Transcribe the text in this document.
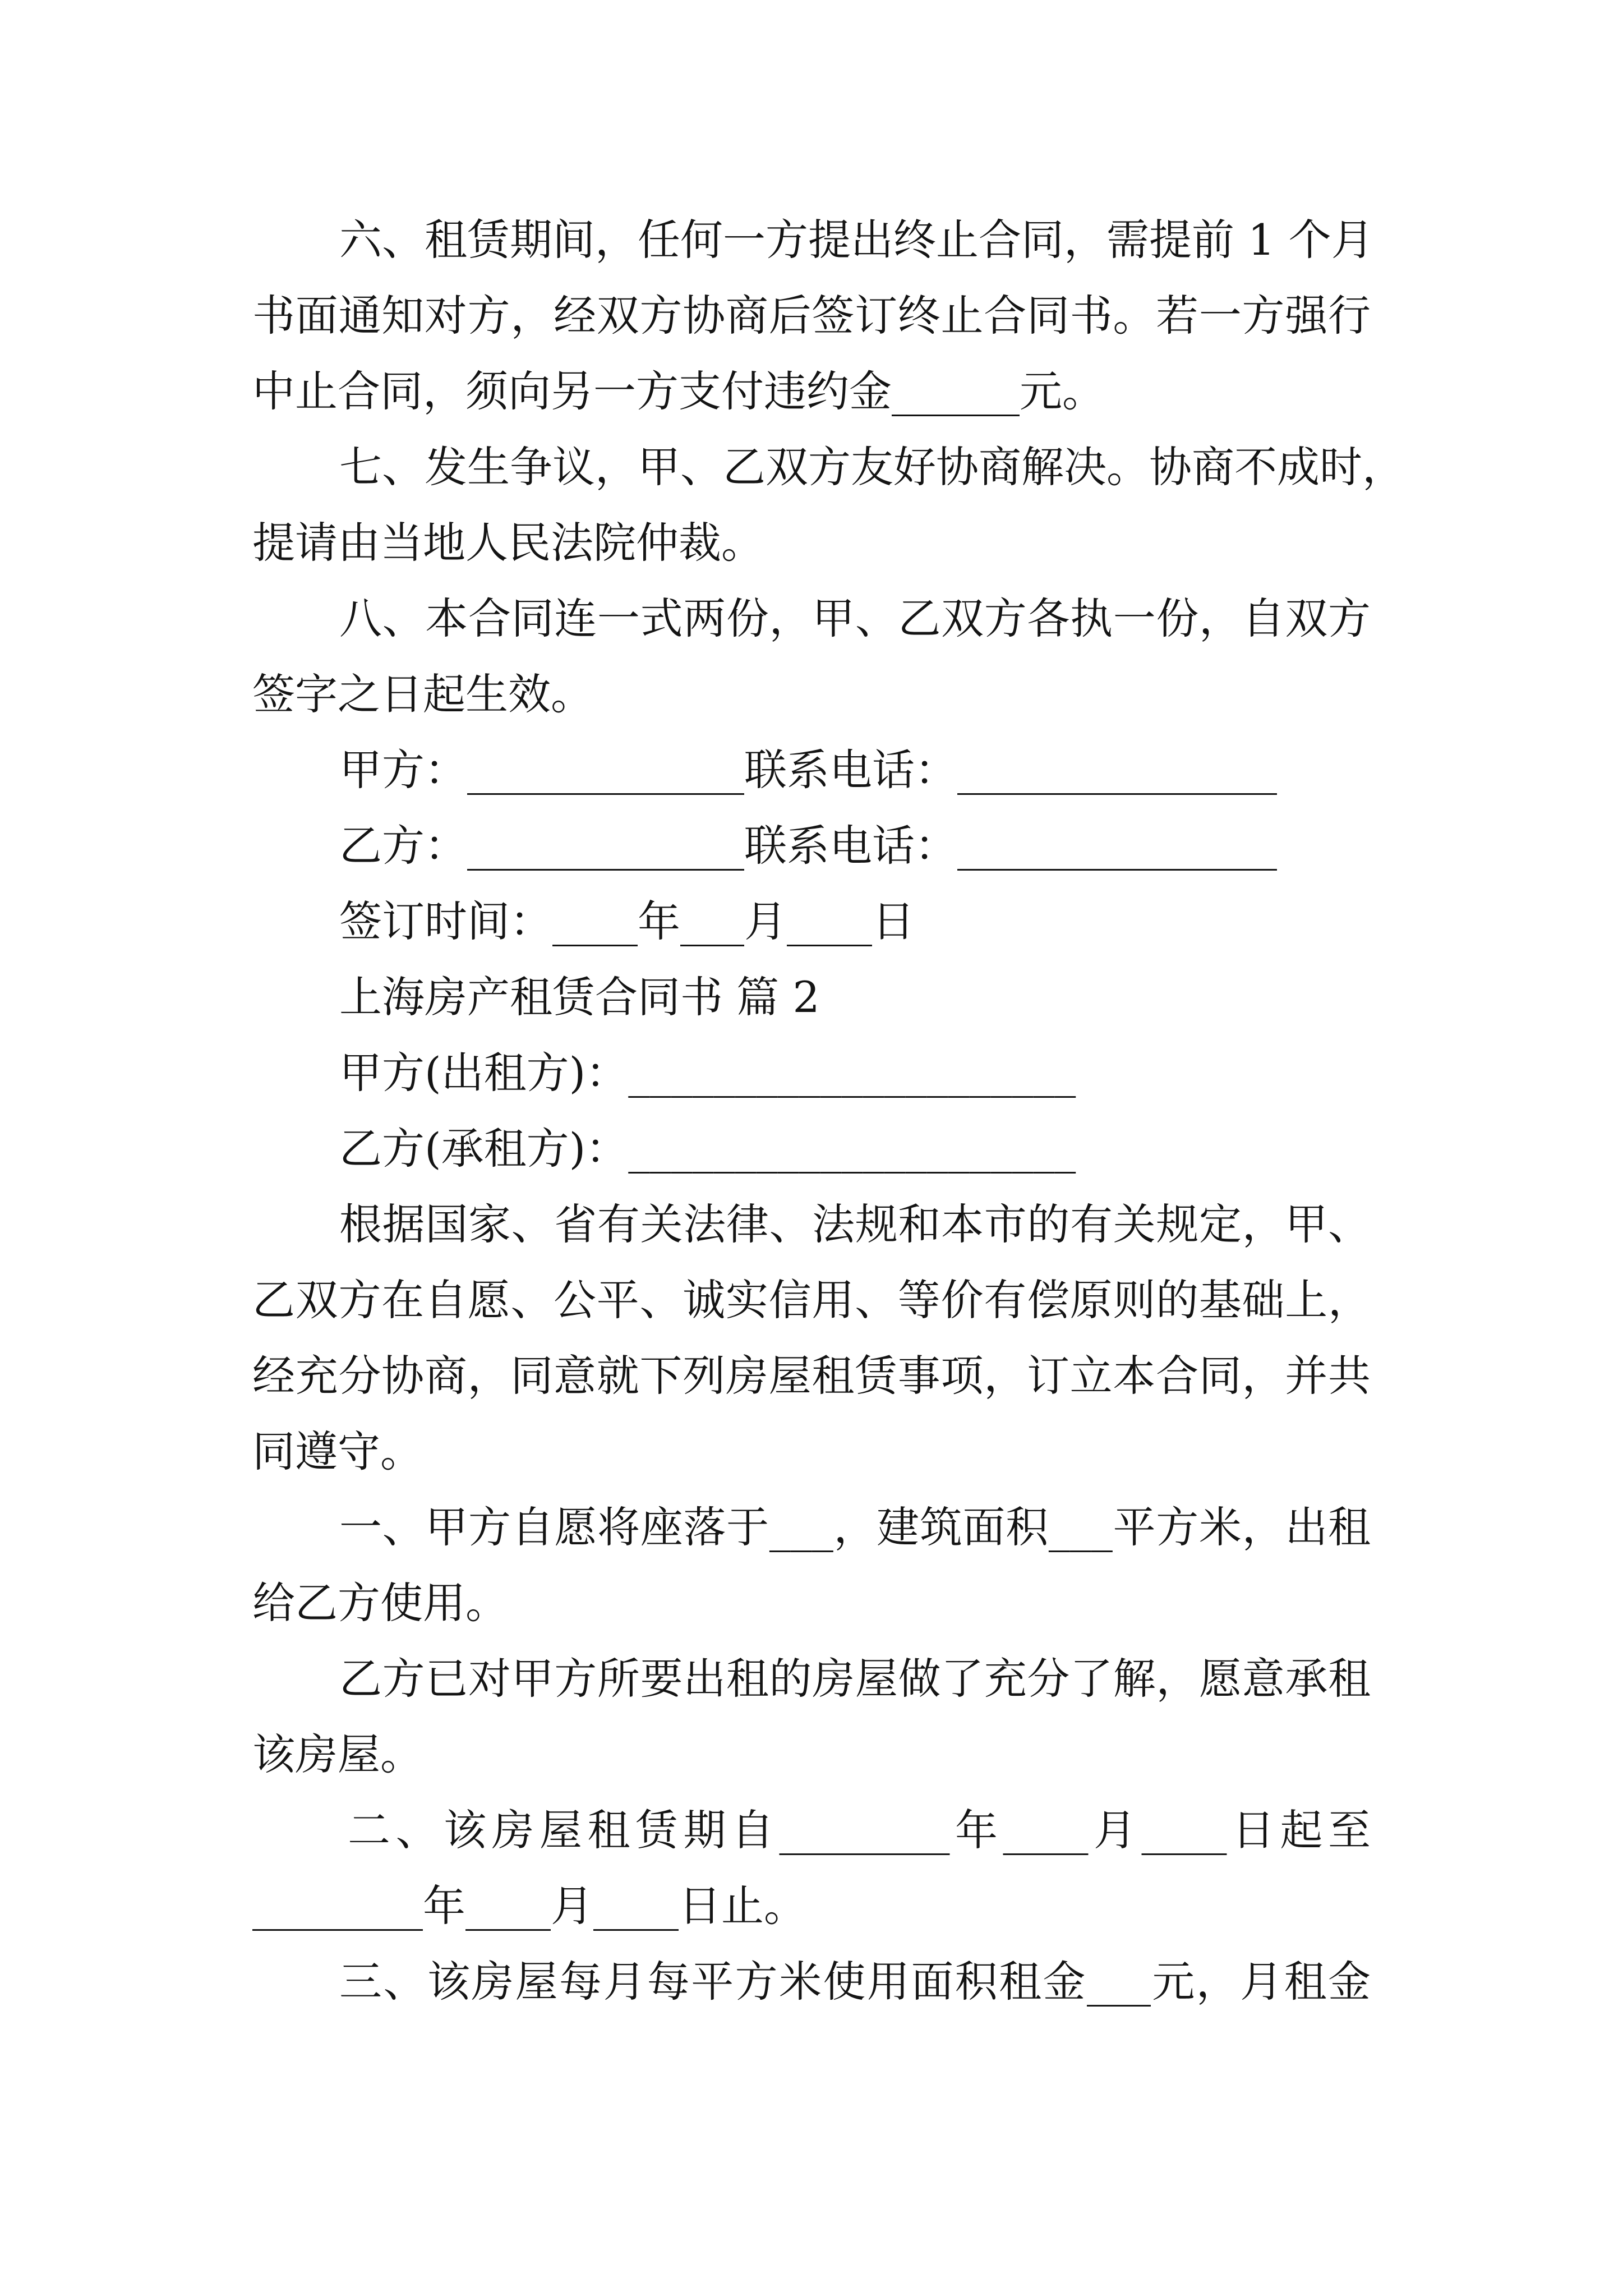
六、租赁期间，任何一方提出终止合同，需提前 1 个月
书面通知对方，经双方协商后签订终止合同书。若一方强行
中止合同，须向另一方支付违约金______元。
七、发生争议，甲、乙双方友好协商解决。协商不成时，
提请由当地人民法院仲裁。
八、本合同连一式两份，甲、乙双方各执一份，自双方
签字之日起生效。
甲方：_____________联系电话：_______________
乙方：_____________联系电话：_______________
签订时间：____年___月____日
上海房产租赁合同书 篇 2
甲方(出租方)：_____________________
乙方(承租方)：_____________________
根据国家、省有关法律、法规和本市的有关规定，甲、
乙双方在自愿、公平、诚实信用、等价有偿原则的基础上，
经充分协商，同意就下列房屋租赁事项，订立本合同，并共
同遵守。
一、甲方自愿将座落于___，建筑面积___平方米，出租
给乙方使用。
乙方已对甲方所要出租的房屋做了充分了解，愿意承租
该房屋。
二、该房屋租赁期自________年____月____日起至
________年____月____日止。
三、该房屋每月每平方米使用面积租金___元，月租金
